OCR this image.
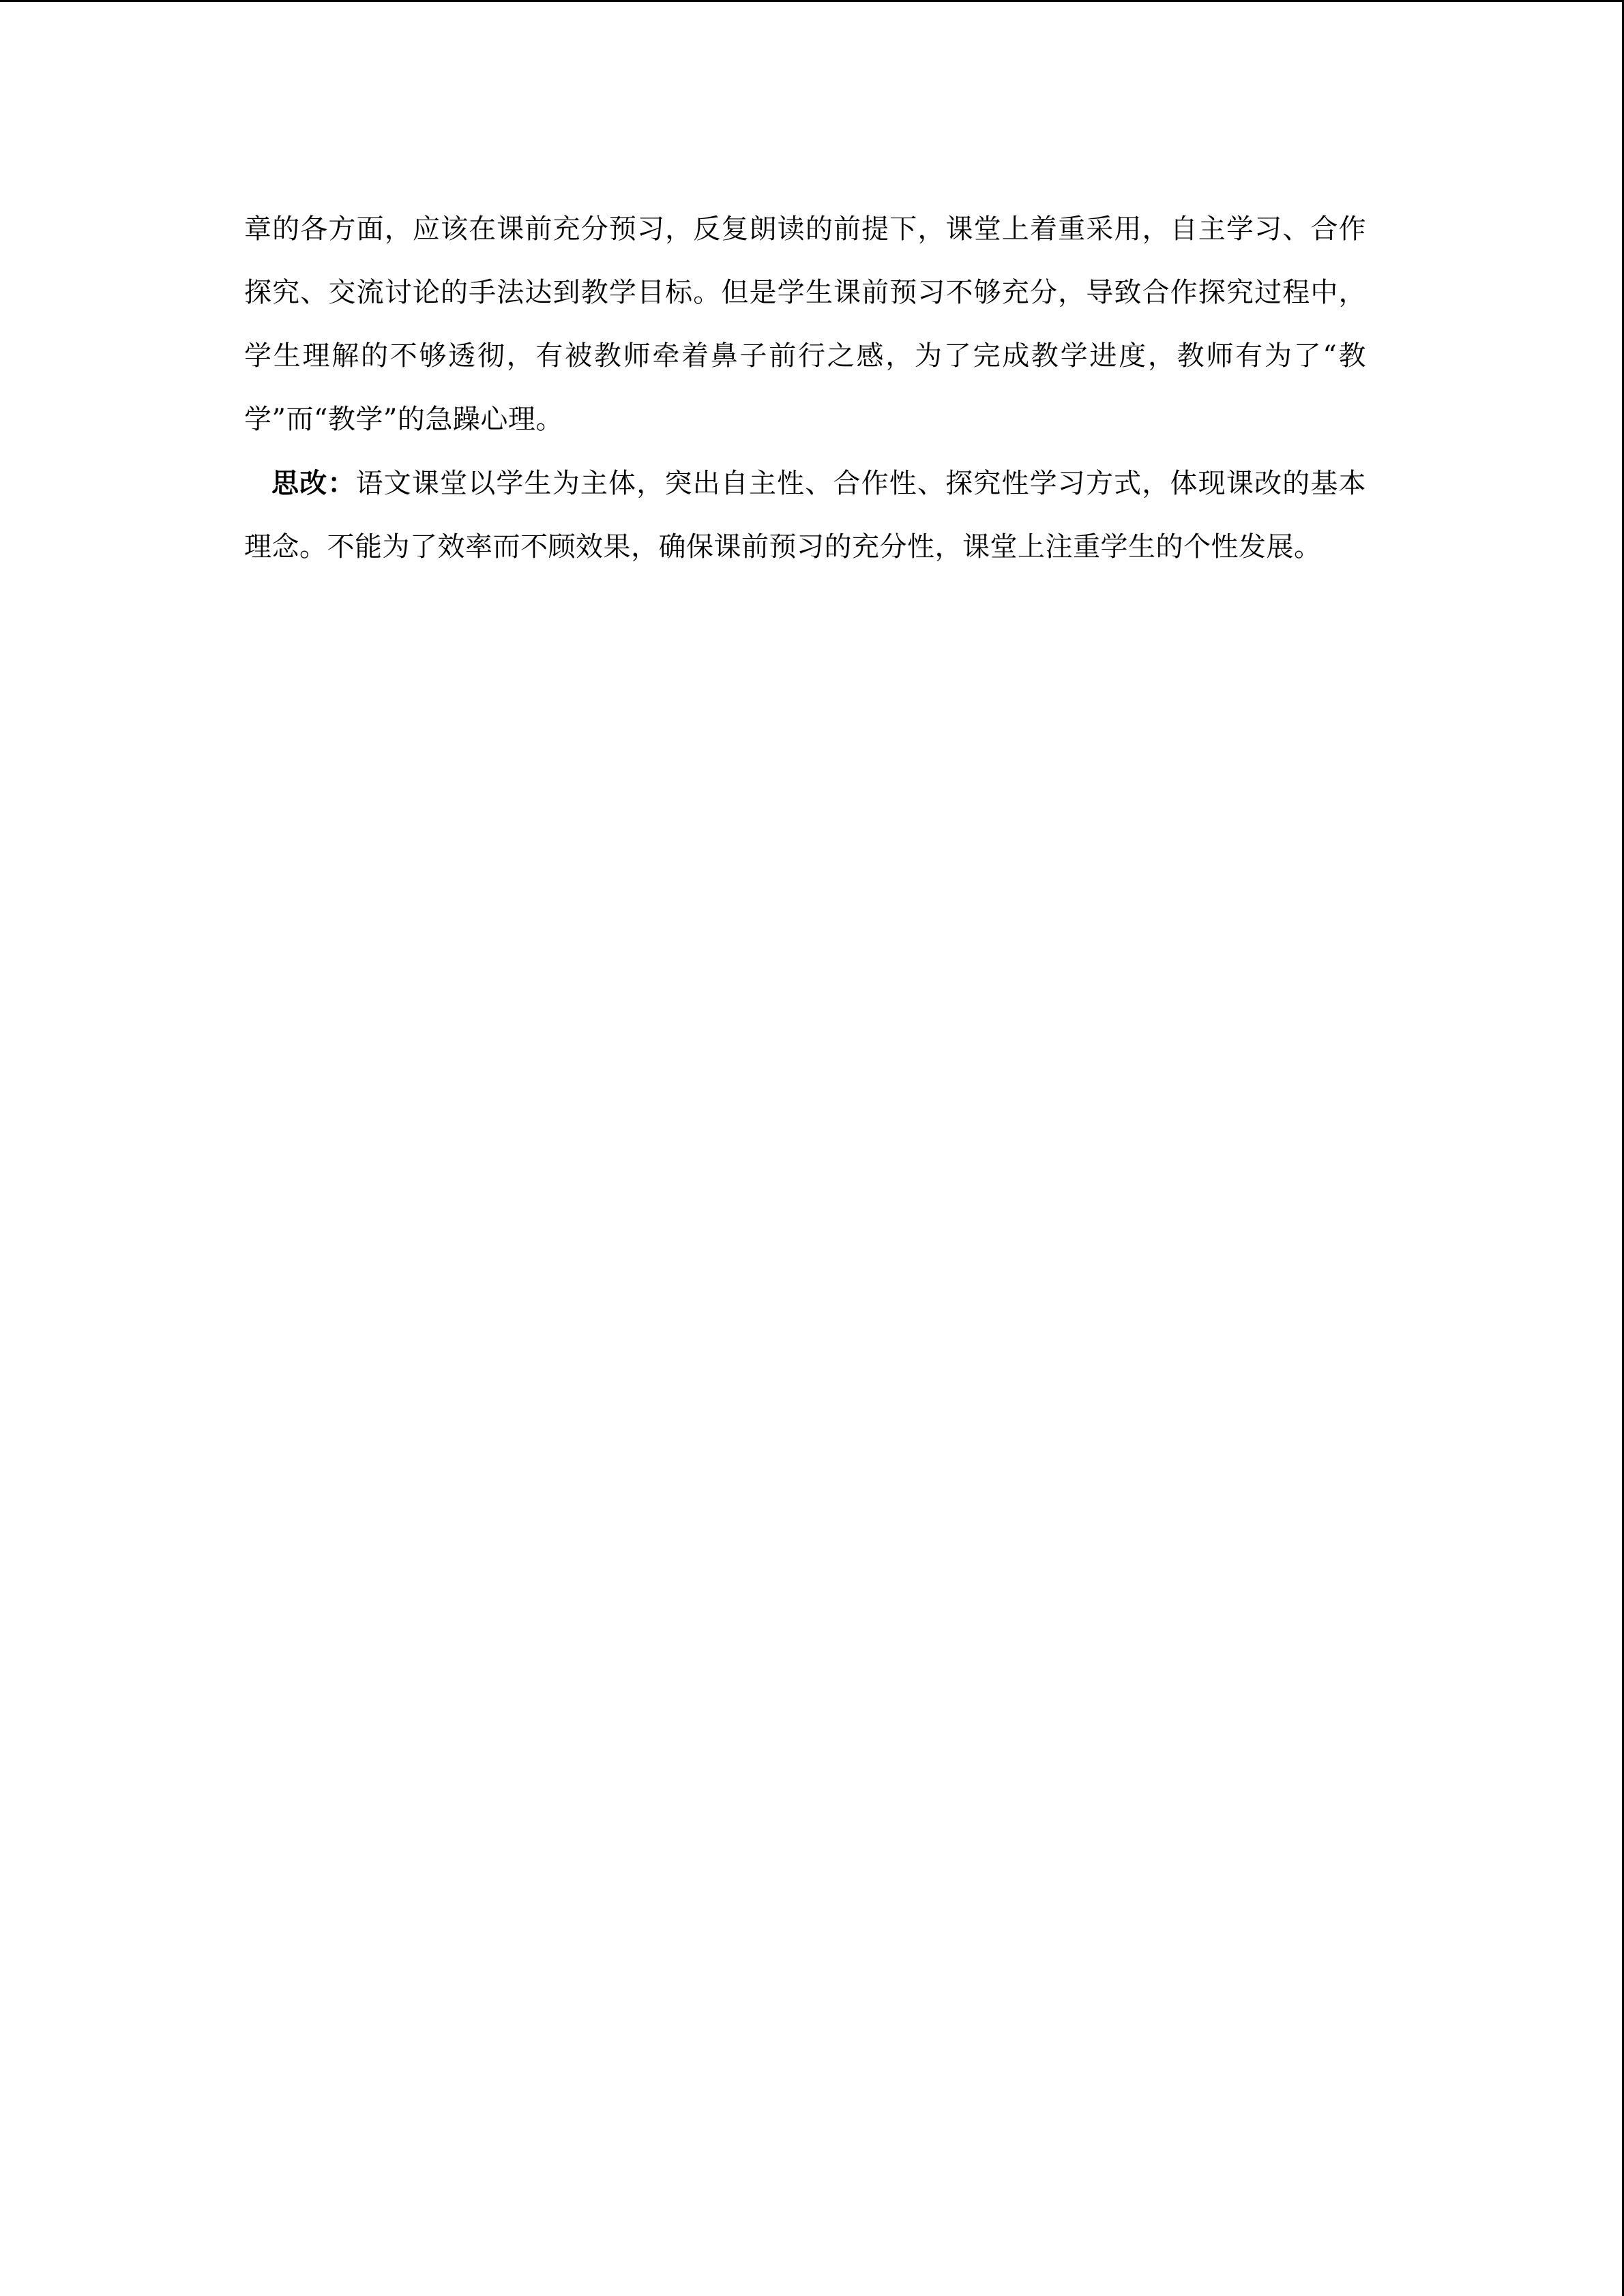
章的各方面，应该在课前充分预习，反复朗读的前提下，课堂上着重采用，自主学习、合作探究、交流讨论的手法达到教学目标。但是学生课前预习不够充分，导致合作探究过程中，学生理解的不够透彻，有被教师牵着鼻子前行之感，为了完成教学进度，教师有为了“教学”而“教学”的急躁心理。

思改：语文课堂以学生为主体，突出自主性、合作性、探究性学习方式，体现课改的基本理念。不能为了效率而不顾效果，确保课前预习的充分性，课堂上注重学生的个性发展。
